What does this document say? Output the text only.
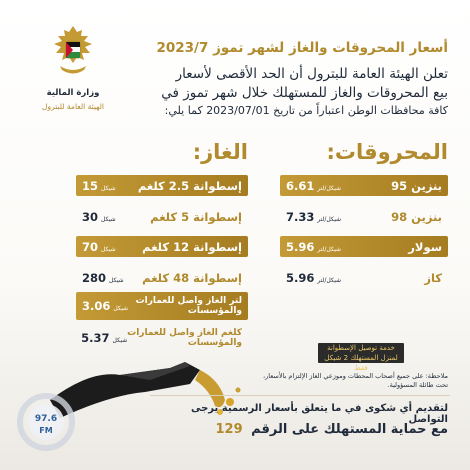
وزارة المالية
الهيئة العامة للبترول
أسعار المحروقات والغاز لشهر تموز 2023/7
تعلن الهيئة العامة للبترول أن الحد الأقصى لأسعار
بيع المحروقات والغاز للمستهلك خلال شهر تموز في
كافة محافظات الوطن اعتباراً من تاريخ 2023/07/01 كما يلي:
المحروقات:
بنزين 95
6.61 شيكل/لتر
بنزين 98
7.33 شيكل/لتر
سولار
5.96 شيكل/لتر
كاز
5.96 شيكل/لتر
الغاز:
إسطوانة 2.5 كلغم
15 شيكل
إسطوانة 5 كلغم
30 شيكل
إسطوانة 12 كلغم
70 شيكل
إسطوانة 48 كلغم
280 شيكل
لتر الغاز واصل للعمارات
والمؤسسات
3.06 شيكل
كلغم الغاز واصل للعمارات
والمؤسسات
5.37 شيكل
خدمة توصيل الإسطوانة
لمنزل المستهلك 2 شيكل فقط
ملاحظة: على جميع أصحاب المحطات وموزعي الغاز الإلتزام بالأسعار،
تحت طائلة المسؤولية.
لتقديم أي شكوى في ما يتعلق بأسعار الرسمية يرجى التواصل
مع حماية المستهلك على الرقم 129
97.6
FM
